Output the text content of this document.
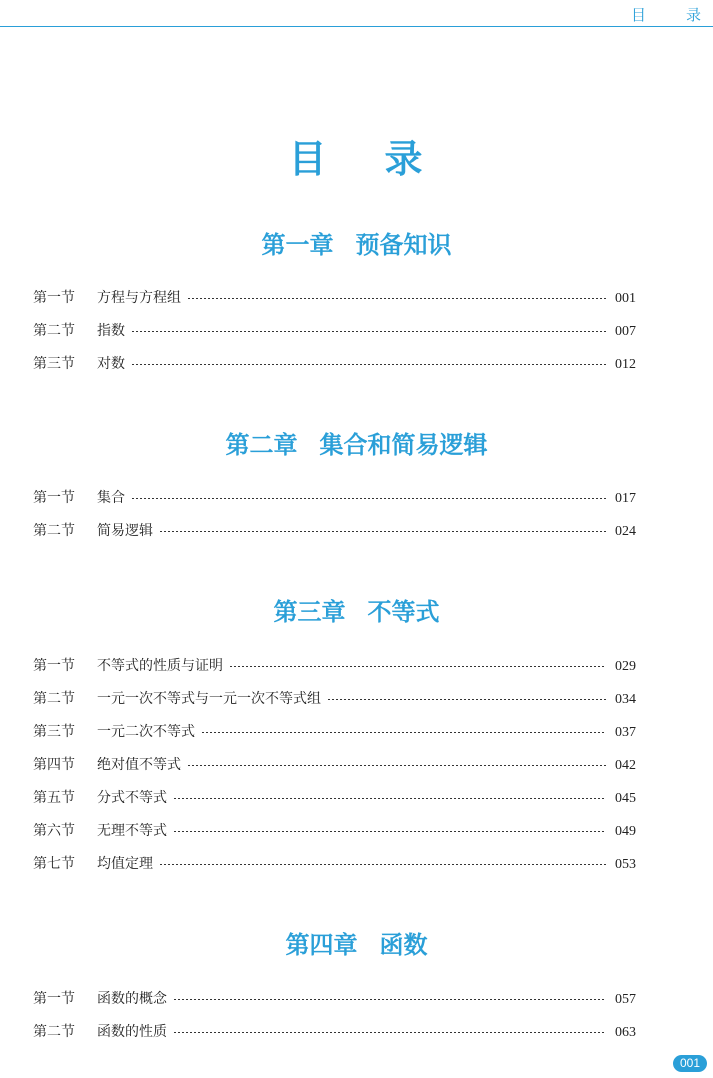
目	录
目 录
第一章 预备知识
第一节	方程与方程组	001
第二节	指数	007
第三节	对数	012
第二章 集合和简易逻辑
第一节	集合	017
第二节	简易逻辑	024
第三章 不等式
第一节	不等式的性质与证明	029
第二节	一元一次不等式与一元一次不等式组	034
第三节	一元二次不等式	037
第四节	绝对值不等式	042
第五节	分式不等式	045
第六节	无理不等式	049
第七节	均值定理	053
第四章 函数
第一节	函数的概念	057
第二节	函数的性质	063
001
